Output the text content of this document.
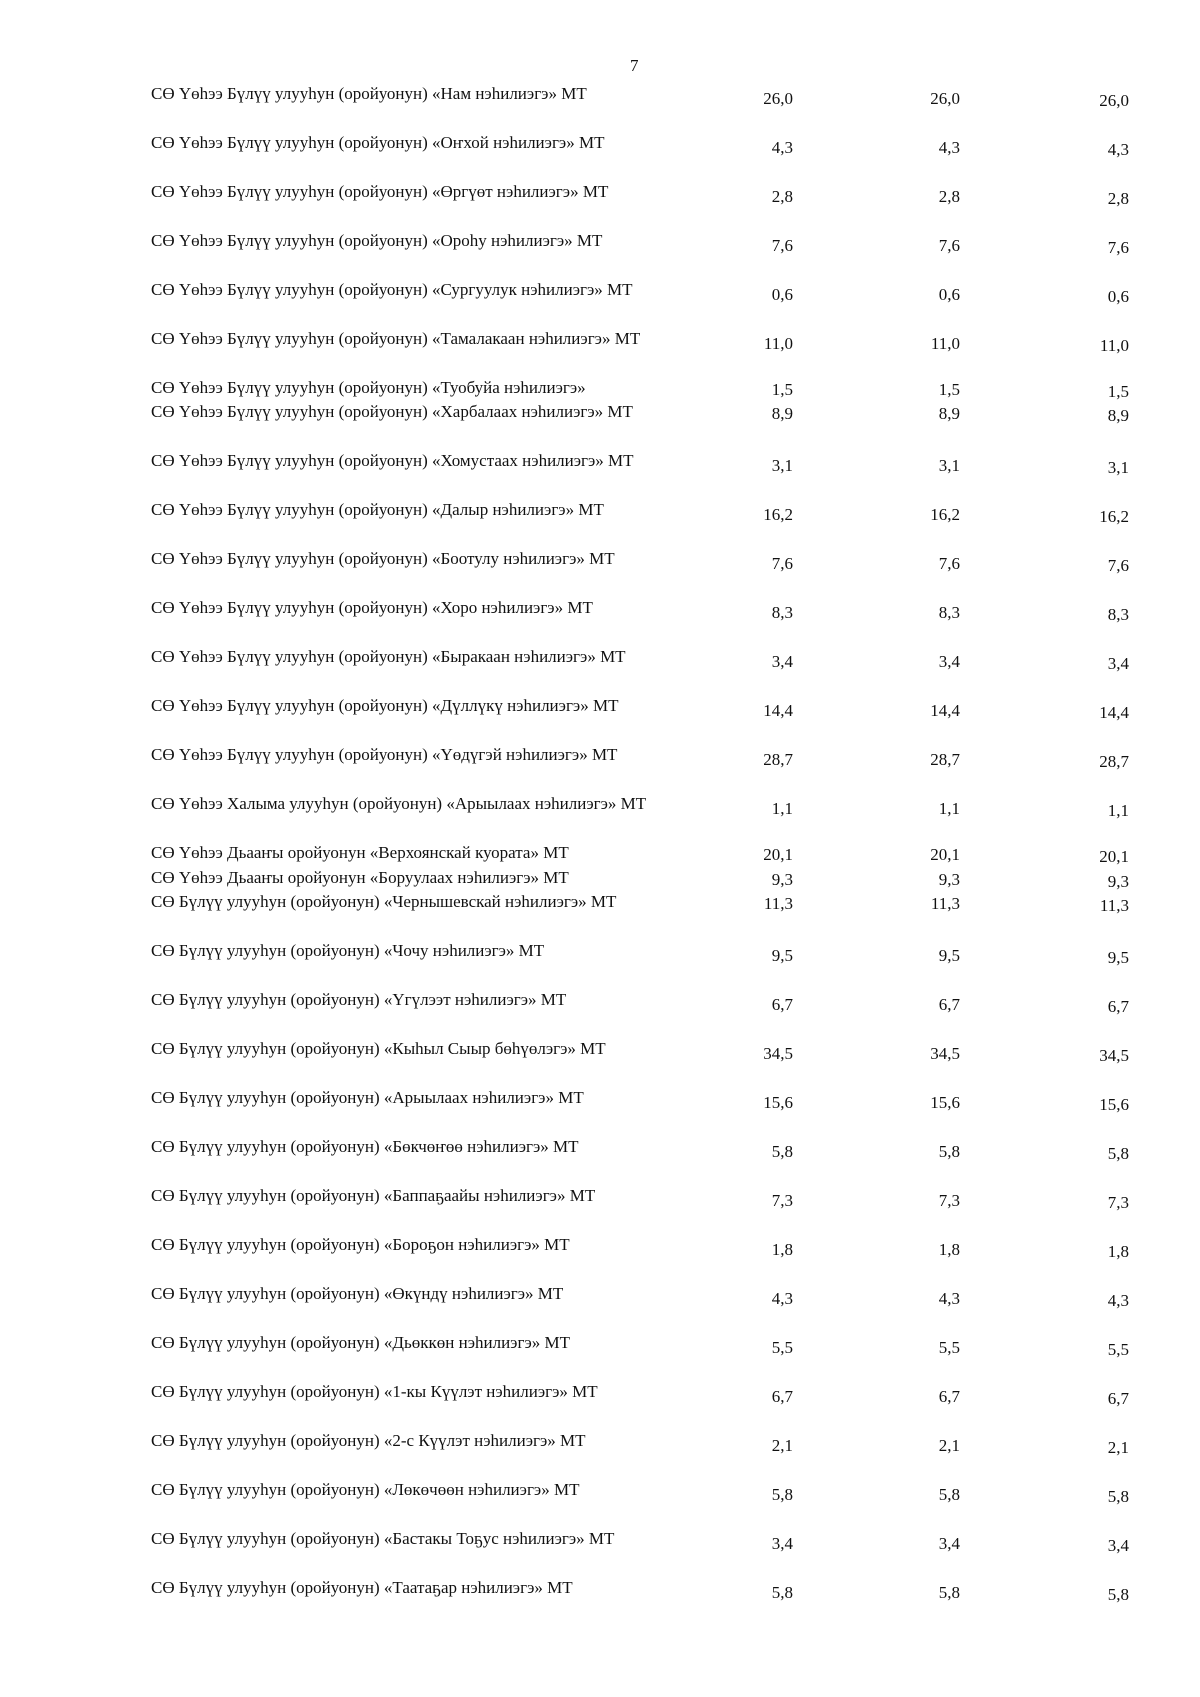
7
СӨ Үөhээ Бүлүү улууhун (оройуонун) «Нам нэhилиэгэ» МТ	26,0	26,0	26,0
СӨ Үөhээ Бүлүү улууhун (оройуонун) «Оҥхой нэhилиэгэ» МТ	4,3	4,3	4,3
СӨ Үөhээ Бүлүү улууhун (оройуонун) «Өргүөт нэhилиэгэ» МТ	2,8	2,8	2,8
СӨ Үөhээ Бүлүү улууhун (оройуонун) «Ороhу нэhилиэгэ» МТ	7,6	7,6	7,6
СӨ Үөhээ Бүлүү улууhун (оройуонун) «Сургуулук нэhилиэгэ» МТ	0,6	0,6	0,6
СӨ Үөhээ Бүлүү улууhун (оройуонун) «Тамалакаан нэhилиэгэ» МТ	11,0	11,0	11,0
СӨ Үөhээ Бүлүү улууhун (оройуонун) «Туобуйа нэhилиэгэ»	1,5	1,5	1,5
СӨ Үөhээ Бүлүү улууhун (оройуонун) «Харбалаах нэhилиэгэ» МТ	8,9	8,9	8,9
СӨ Үөhээ Бүлүү улууhун (оройуонун) «Хомустаах нэhилиэгэ» МТ	3,1	3,1	3,1
СӨ Үөhээ Бүлүү улууhун (оройуонун) «Далыр нэhилиэгэ» МТ	16,2	16,2	16,2
СӨ Үөhээ Бүлүү улууhун (оройуонун) «Боотулу нэhилиэгэ» МТ	7,6	7,6	7,6
СӨ Үөhээ Бүлүү улууhун (оройуонун) «Хоро нэhилиэгэ» МТ	8,3	8,3	8,3
СӨ Үөhээ Бүлүү улууhун (оройуонун) «Быракаан нэhилиэгэ» МТ	3,4	3,4	3,4
СӨ Үөhээ Бүлүү улууhун (оройуонун) «Дүллүкү нэhилиэгэ» МТ	14,4	14,4	14,4
СӨ Үөhээ Бүлүү улууhун (оройуонун) «Үөдүгэй нэhилиэгэ» МТ	28,7	28,7	28,7
СӨ Үөhээ Халыма улууhун (оройуонун) «Арыылаах нэhилиэгэ» МТ	1,1	1,1	1,1
СӨ Үөhээ Дьааҥы оройуонун «Верхоянскай куората» МТ	20,1	20,1	20,1
СӨ Үөhээ Дьааҥы оройуонун «Боруулаах нэhилиэгэ» МТ	9,3	9,3	9,3
СӨ Бүлүү улууhун (оройуонун) «Чернышевскай нэhилиэгэ» МТ	11,3	11,3	11,3
СӨ Бүлүү улууhун (оройуонун) «Чочу нэhилиэгэ» МТ	9,5	9,5	9,5
СӨ Бүлүү улууhун (оройуонун) «Үгүлээт нэhилиэгэ» МТ	6,7	6,7	6,7
СӨ Бүлүү улууhун (оройуонун) «Кыhыл Сыыр бөhүөлэгэ» МТ	34,5	34,5	34,5
СӨ Бүлүү улууhун (оройуонун) «Арыылаах нэhилиэгэ» МТ	15,6	15,6	15,6
СӨ Бүлүү улууhун (оройуонун) «Бөкчөҥөө нэhилиэгэ» МТ	5,8	5,8	5,8
СӨ Бүлүү улууhун (оройуонун) «Баппаҕаайы нэhилиэгэ» МТ	7,3	7,3	7,3
СӨ Бүлүү улууhун (оройуонун) «Бороҕон нэhилиэгэ» МТ	1,8	1,8	1,8
СӨ Бүлүү улууhун (оройуонун) «Өкүндү нэhилиэгэ» МТ	4,3	4,3	4,3
СӨ Бүлүү улууhун (оройуонун) «Дьөккөн нэhилиэгэ» МТ	5,5	5,5	5,5
СӨ Бүлүү улууhун (оройуонун) «1-кы Күүлэт нэhилиэгэ» МТ	6,7	6,7	6,7
СӨ Бүлүү улууhун (оройуонун) «2-с Күүлэт нэhилиэгэ» МТ	2,1	2,1	2,1
СӨ Бүлүү улууhун (оройуонун) «Лөкөчөөн нэhилиэгэ» МТ	5,8	5,8	5,8
СӨ Бүлүү улууhун (оройуонун) «Бастакы Тоҕус нэhилиэгэ» МТ	3,4	3,4	3,4
СӨ Бүлүү улууhун (оройуонун) «Таатаҕар нэhилиэгэ» МТ	5,8	5,8	5,8
